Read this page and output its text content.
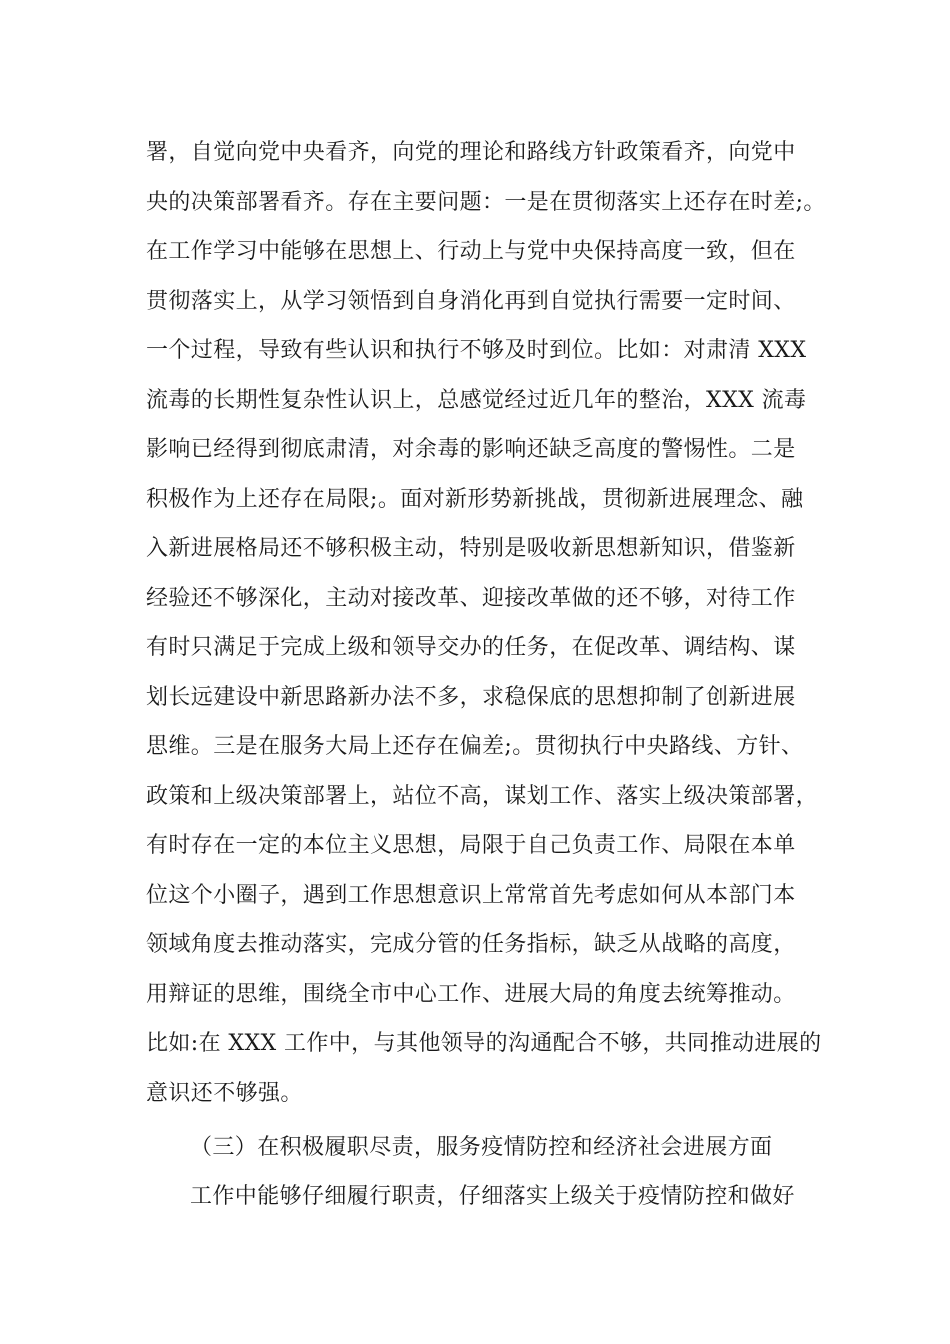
署，自觉向党中央看齐，向党的理论和路线方针政策看齐，向党中
央的决策部署看齐。存在主要问题：一是在贯彻落实上还存在时差;。
在工作学习中能够在思想上、行动上与党中央保持高度一致，但在
贯彻落实上，从学习领悟到自身消化再到自觉执行需要一定时间、
一个过程，导致有些认识和执行不够及时到位。比如：对肃清 XXX
流毒的长期性复杂性认识上，总感觉经过近几年的整治，XXX 流毒
影响已经得到彻底肃清，对余毒的影响还缺乏高度的警惕性。二是
积极作为上还存在局限;。面对新形势新挑战，贯彻新进展理念、融
入新进展格局还不够积极主动，特别是吸收新思想新知识，借鉴新
经验还不够深化，主动对接改革、迎接改革做的还不够，对待工作
有时只满足于完成上级和领导交办的任务，在促改革、调结构、谋
划长远建设中新思路新办法不多，求稳保底的思想抑制了创新进展
思维。三是在服务大局上还存在偏差;。贯彻执行中央路线、方针、
政策和上级决策部署上，站位不高，谋划工作、落实上级决策部署，
有时存在一定的本位主义思想，局限于自己负责工作、局限在本单
位这个小圈子，遇到工作思想意识上常常首先考虑如何从本部门本
领域角度去推动落实，完成分管的任务指标，缺乏从战略的高度，
用辩证的思维，围绕全市中心工作、进展大局的角度去统筹推动。
比如:在 XXX 工作中，与其他领导的沟通配合不够，共同推动进展的
意识还不够强。
（三）在积极履职尽责，服务疫情防控和经济社会进展方面
工作中能够仔细履行职责，仔细落实上级关于疫情防控和做好
